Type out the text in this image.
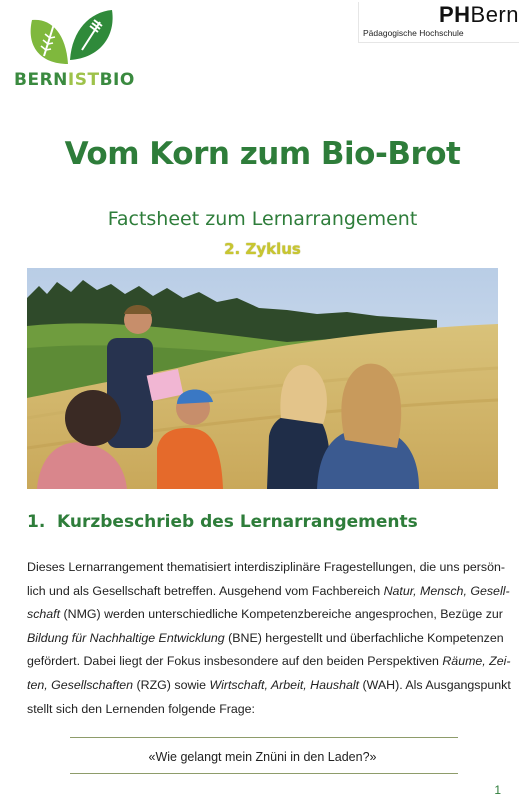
BERNISTBIO
PHBern
Pädagogische Hochschule
Vom Korn zum Bio-Brot
Factsheet zum Lernarrangement
2. Zyklus
1. Kurzbeschrieb des Lernarrangements
Dieses Lernarrangement thematisiert interdisziplinäre Fragestellungen, die uns persön-
lich und als Gesellschaft betreffen. Ausgehend vom Fachbereich Natur, Mensch, Gesell-
schaft (NMG) werden unterschiedliche Kompetenzbereiche angesprochen, Bezüge zur
Bildung für Nachhaltige Entwicklung (BNE) hergestellt und überfachliche Kompetenzen
gefördert. Dabei liegt der Fokus insbesondere auf den beiden Perspektiven Räume, Zei-
ten, Gesellschaften (RZG) sowie Wirtschaft, Arbeit, Haushalt (WAH). Als Ausgangspunkt
stellt sich den Lernenden folgende Frage:
«Wie gelangt mein Znüni in den Laden?»
1
